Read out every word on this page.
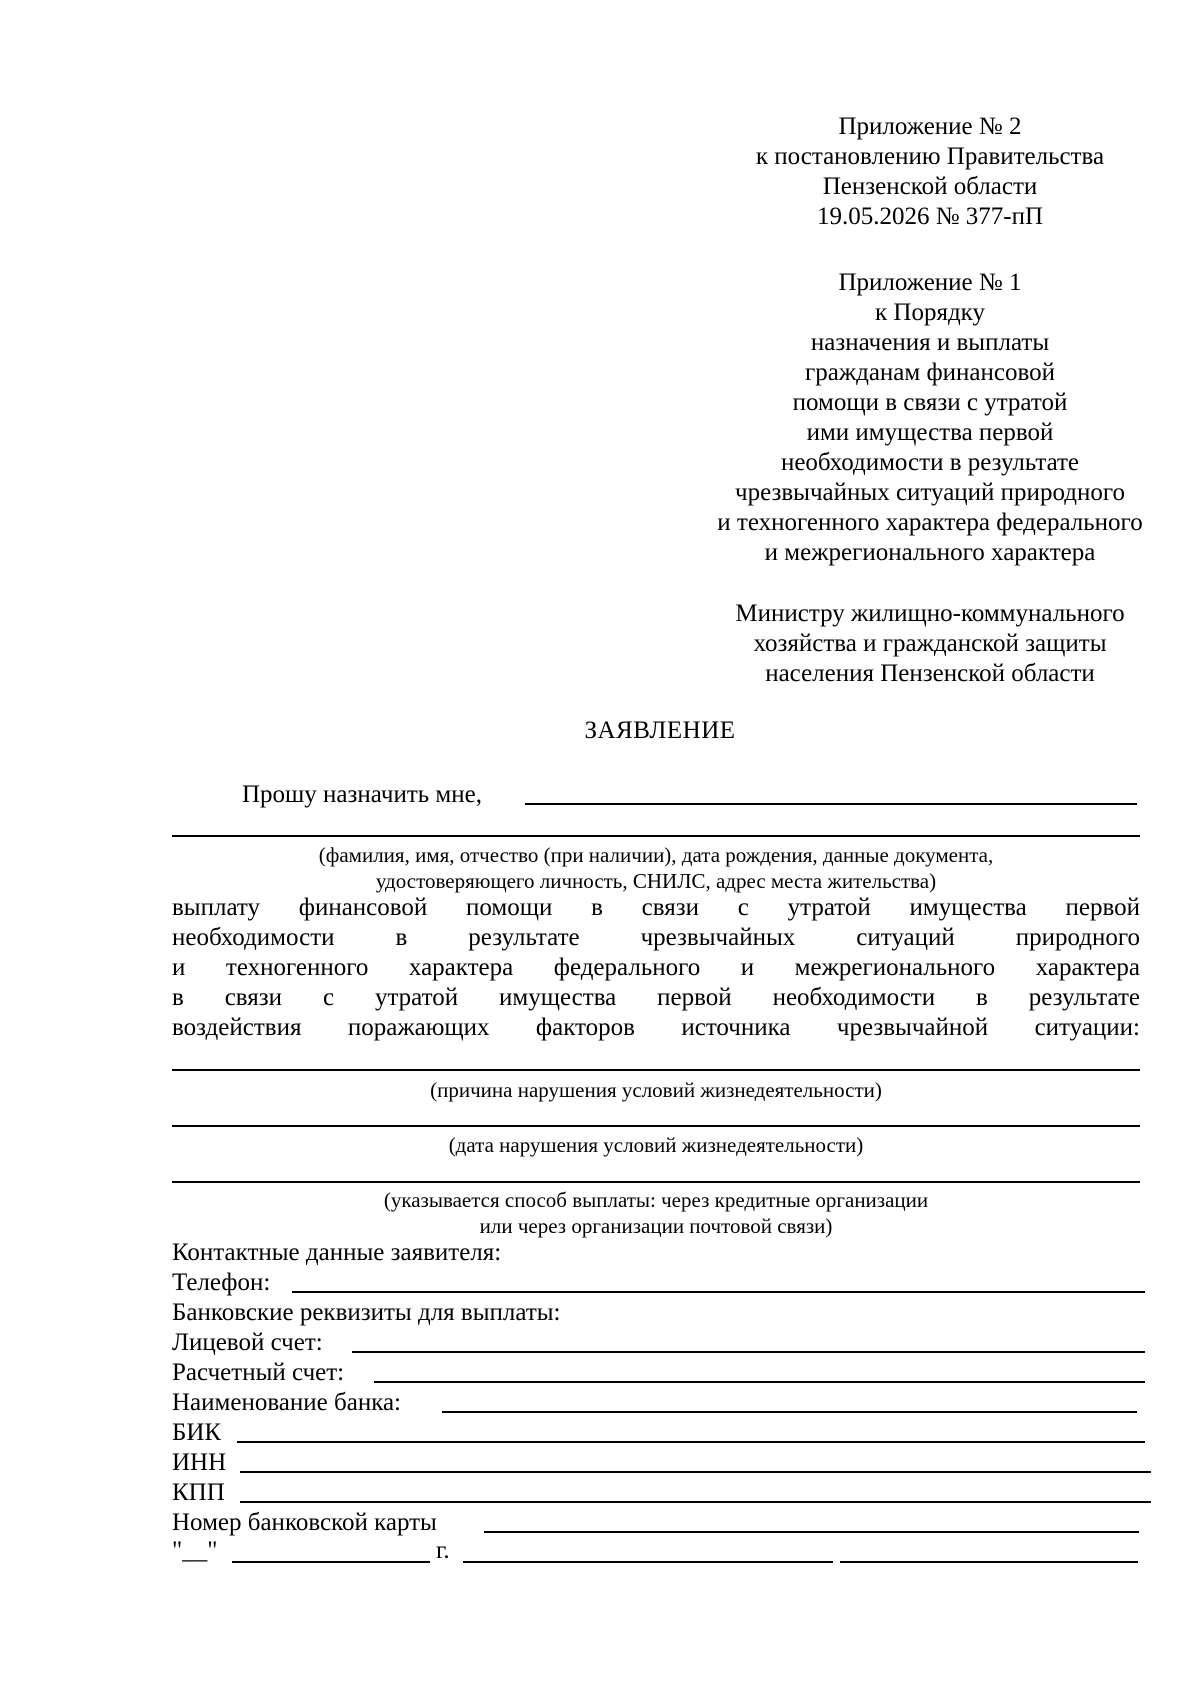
Приложение № 2
к постановлению Правительства
Пензенской области
19.05.2026 № 377-пП
Приложение № 1
к Порядку
назначения и выплаты
гражданам финансовой
помощи в связи с утратой
ими имущества первой
необходимости в результате
чрезвычайных ситуаций природного
и техногенного характера федерального
и межрегионального характера
Министру жилищно-коммунального
хозяйства и гражданской защиты
населения Пензенской области
ЗАЯВЛЕНИЕ
Прошу назначить мне,
(фамилия, имя, отчество (при наличии), дата рождения, данные документа,
удостоверяющего личность, СНИЛС, адрес места жительства)
выплату финансовой помощи в связи с утратой имущества первой
необходимости в результате чрезвычайных ситуаций природного
и техногенного характера федерального и межрегионального характера
в связи с утратой имущества первой необходимости в результате
воздействия поражающих факторов источника чрезвычайной ситуации:
(причина нарушения условий жизнедеятельности)
(дата нарушения условий жизнедеятельности)
(указывается способ выплаты: через кредитные организации
или через организации почтовой связи)
Контактные данные заявителя:
Телефон:
Банковские реквизиты для выплаты:
Лицевой счет:
Расчетный счет:
Наименование банка:
БИК
ИНН
КПП
Номер банковской карты
"__"	г.
